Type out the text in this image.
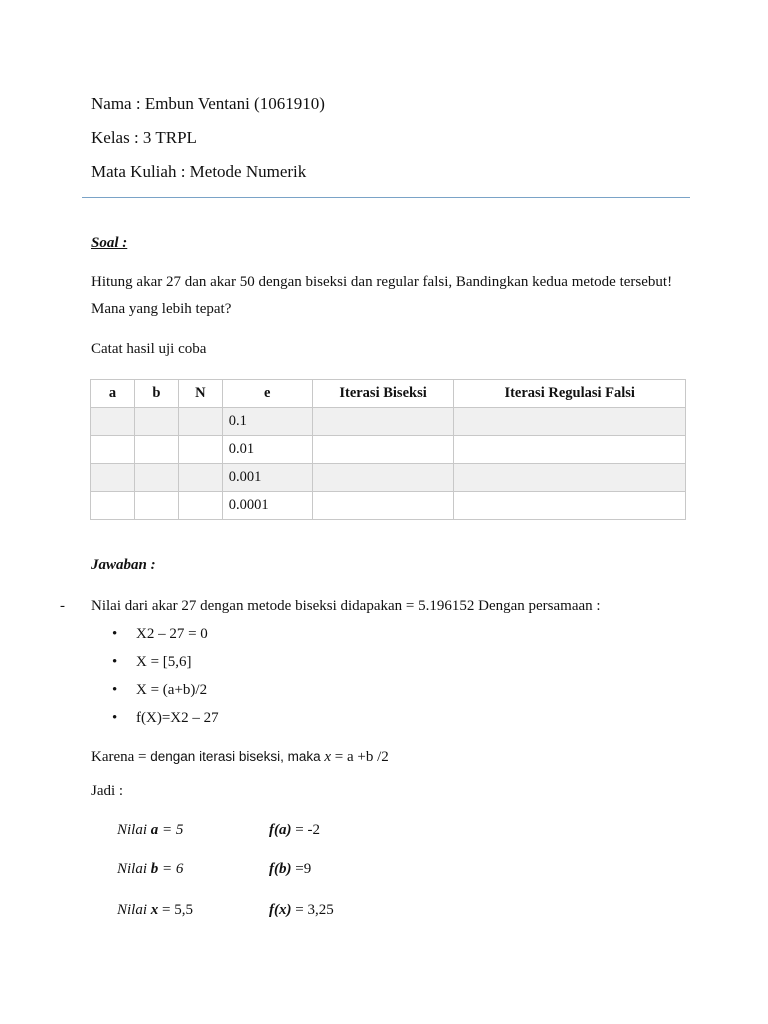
Nama : Embun Ventani (1061910)
Kelas : 3 TRPL
Mata Kuliah : Metode Numerik
Soal :
Hitung akar 27 dan akar 50 dengan biseksi dan regular falsi, Bandingkan kedua metode tersebut!
Mana yang lebih tepat?
Catat hasil uji coba
a	b	N	e	Iterasi Biseksi	Iterasi Regulasi Falsi
			0.1		
			0.01		
			0.001		
			0.0001		
Jawaban :
- Nilai dari akar 27 dengan metode biseksi didapakan = 5.196152 Dengan persamaan :
• X2 – 27 = 0
• X = [5,6]
• X = (a+b)/2
• f(X)=X2 – 27
Karena = dengan iterasi biseksi, maka x = a +b /2
Jadi :
Nilai a = 5	f(a) = -2
Nilai b = 6	f(b) =9
Nilai x = 5,5	f(x) = 3,25
